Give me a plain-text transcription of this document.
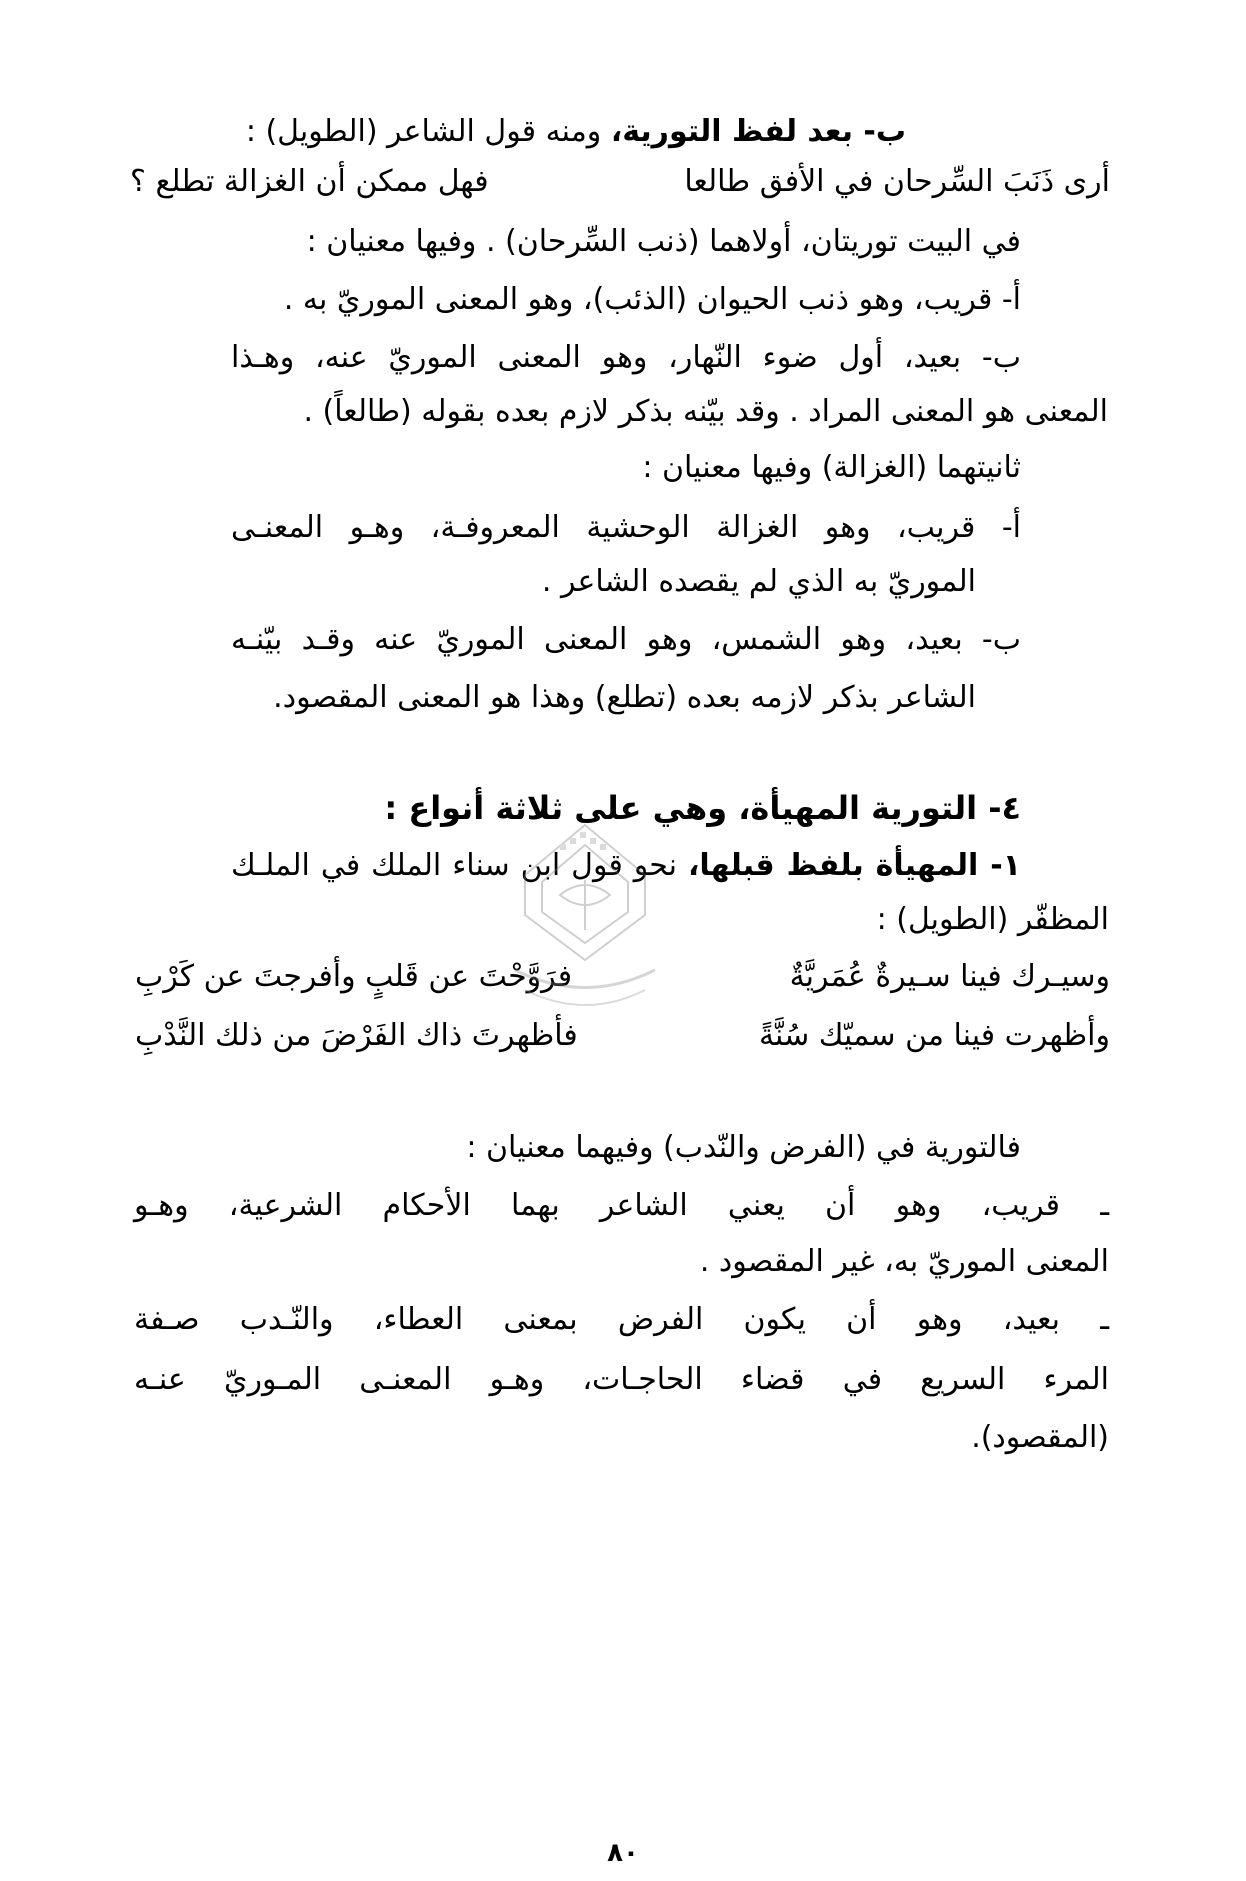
ب- بعد لفظ التورية، ومنه قول الشاعر (الطويل) :
أرى ذَنَبَ السِّرحان في الأفق طالعا
فهل ممكن أن الغزالة تطلع ؟
في البيت توريتان، أولاهما (ذنب السِّرحان) . وفيها معنيان :
أ- قريب، وهو ذنب الحيوان (الذئب)، وهو المعنى الموريّ به .
ب- بعيد، أول ضوء النّهار، وهو المعنى الموريّ عنه، وهـذا
المعنى هو المعنى المراد . وقد بيّنه بذكر لازم بعده بقوله (طالعاً) .
ثانيتهما (الغزالة) وفيها معنيان :
أ- قريب، وهو الغزالة الوحشية المعروفـة، وهـو المعنـى
الموريّ به الذي لم يقصده الشاعر .
ب- بعيد، وهو الشمس، وهو المعنى الموريّ عنه وقـد بيّنـه
الشاعر بذكر لازمه بعده (تطلع) وهذا هو المعنى المقصود.
٤- التورية المهيأة، وهي على ثلاثة أنواع :
١- المهيأة بلفظ قبلها، نحو قول ابن سناء الملك في الملـك
المظفّر (الطويل) :
وسيـرك فينا سـيرةٌ عُمَريَّةٌ
فرَوَّحْتَ عن قَلبٍ وأفرجتَ عن كَرْبِ
وأظهرت فينا من سميّك سُنَّةً
فأظهرتَ ذاك الفَرْضَ من ذلك النَّدْبِ
فالتورية في (الفرض والنّدب) وفيهما معنيان :
ـ قريب، وهو أن يعني الشاعر بهما الأحكام الشرعية، وهـو
المعنى الموريّ به، غير المقصود .
ـ بعيد، وهو أن يكون الفرض بمعنى العطاء، والنّـدب صـفة
المرء السريع في قضاء الحاجـات، وهـو المعنـى المـوريّ عنـه
(المقصود).
٨٠
